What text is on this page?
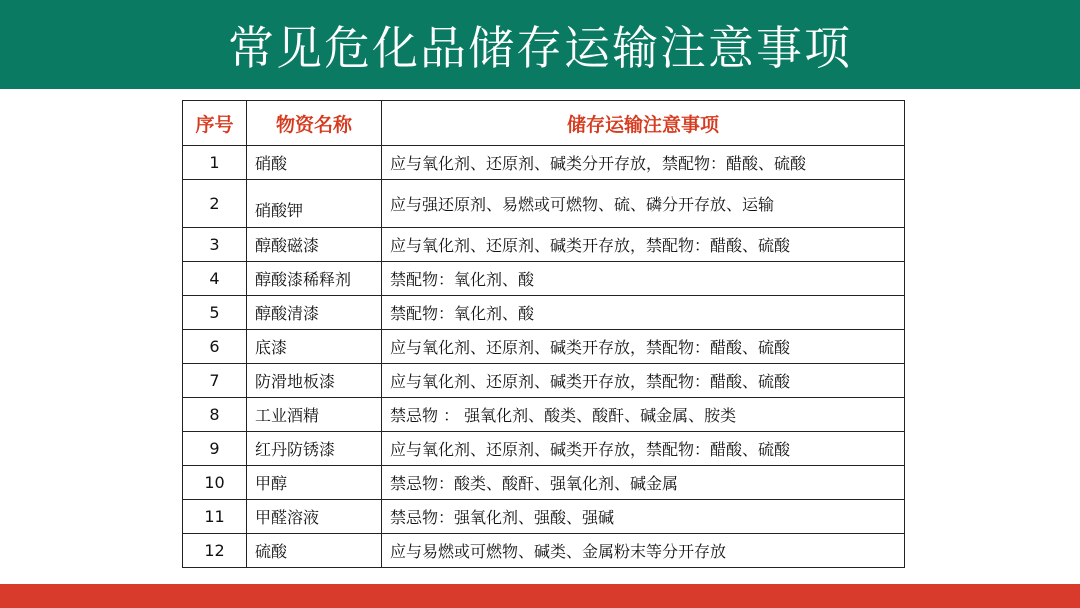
常见危化品储存运输注意事项
序号	物资名称	储存运输注意事项
1	硝酸	应与氧化剂、还原剂、碱类分开存放，禁配物：醋酸、硫酸
2	硝酸钾	应与强还原剂、易燃或可燃物、硫、磷分开存放、运输
3	醇酸磁漆	应与氧化剂、还原剂、碱类开存放，禁配物：醋酸、硫酸
4	醇酸漆稀释剂	禁配物：氧化剂、酸
5	醇酸清漆	禁配物：氧化剂、酸
6	底漆	应与氧化剂、还原剂、碱类开存放，禁配物：醋酸、硫酸
7	防滑地板漆	应与氧化剂、还原剂、碱类开存放，禁配物：醋酸、硫酸
8	工业酒精	禁忌物 ： 强氧化剂、酸类、酸酐、碱金属、胺类
9	红丹防锈漆	应与氧化剂、还原剂、碱类开存放，禁配物：醋酸、硫酸
10	甲醇	禁忌物：酸类、酸酐、强氧化剂、碱金属
11	甲醛溶液	禁忌物：强氧化剂、强酸、强碱
12	硫酸	应与易燃或可燃物、碱类、金属粉末等分开存放
